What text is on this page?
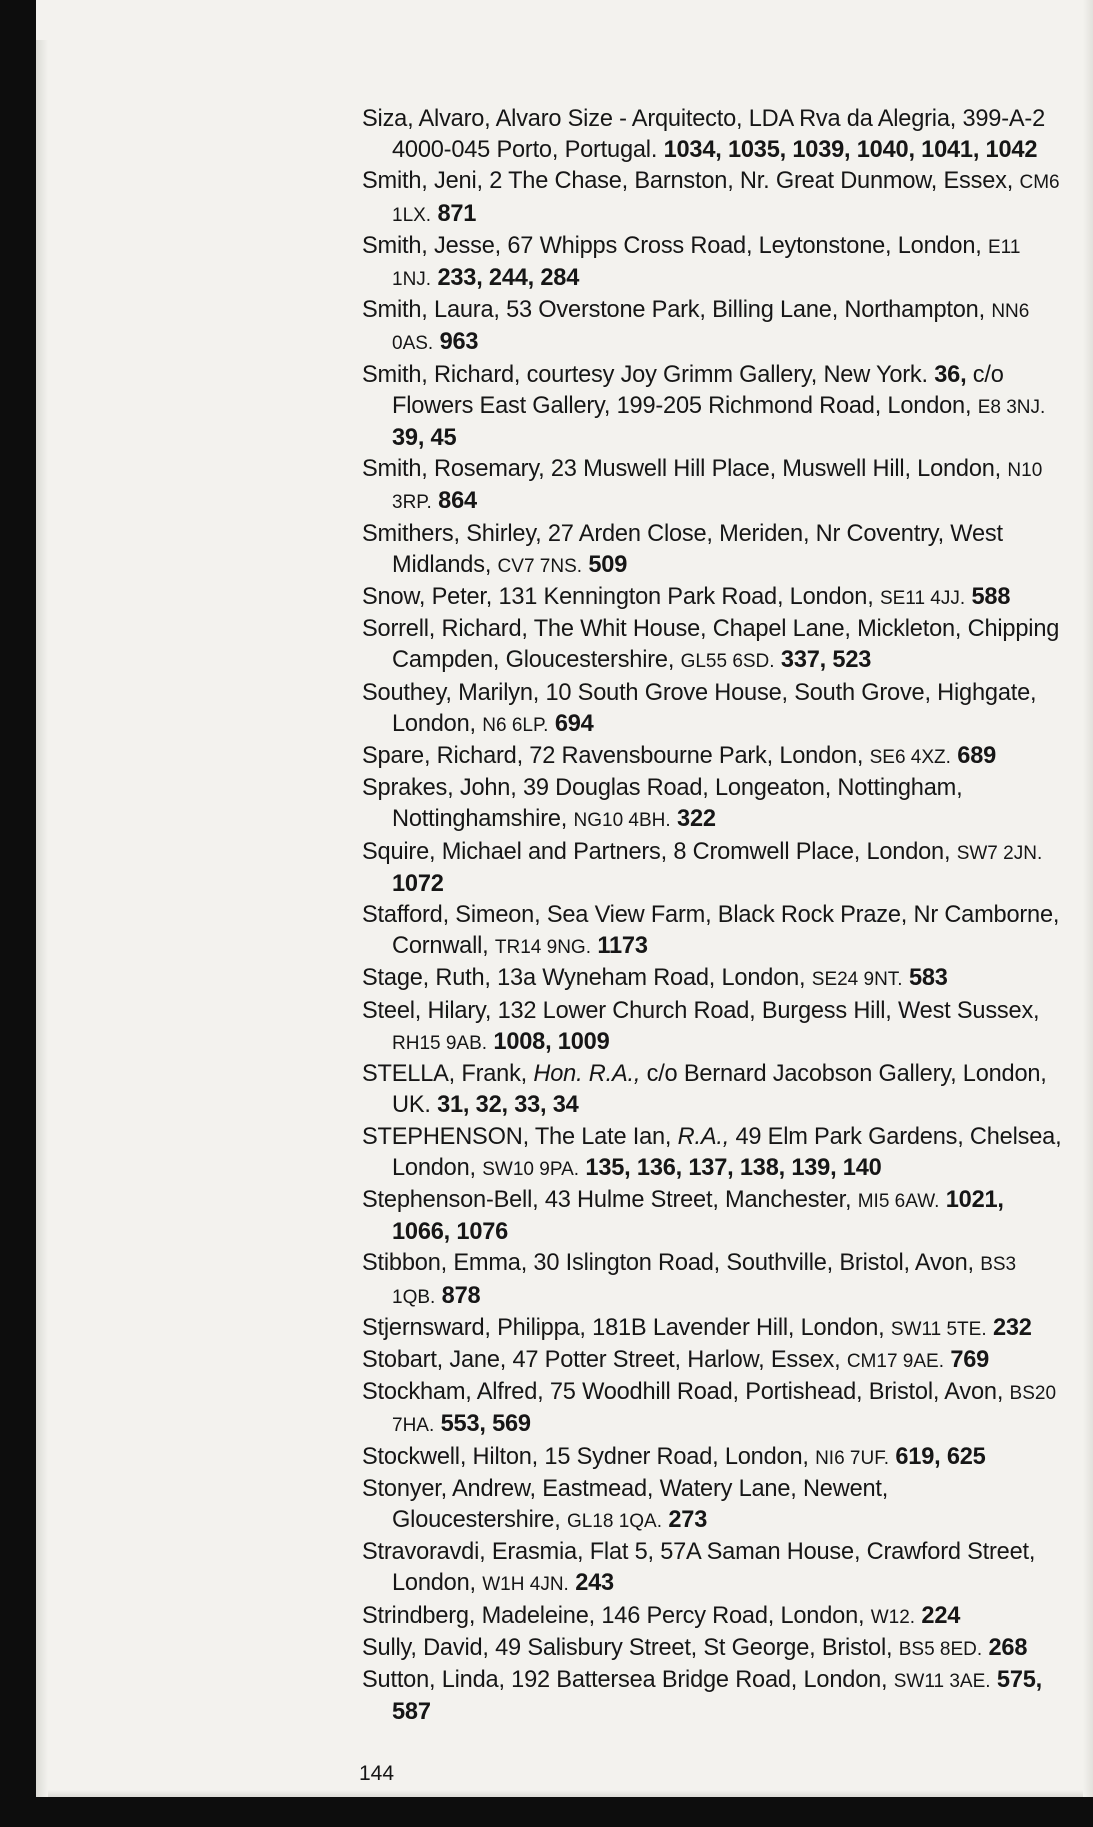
Siza, Alvaro, Alvaro Size - Arquitecto, LDA Rva da Alegria, 399-A-2 4000-045 Porto, Portugal. 1034, 1035, 1039, 1040, 1041, 1042
Smith, Jeni, 2 The Chase, Barnston, Nr. Great Dunmow, Essex, CM6 1LX. 871
Smith, Jesse, 67 Whipps Cross Road, Leytonstone, London, E11 1NJ. 233, 244, 284
Smith, Laura, 53 Overstone Park, Billing Lane, Northampton, NN6 0AS. 963
Smith, Richard, courtesy Joy Grimm Gallery, New York. 36, c/o Flowers East Gallery, 199-205 Richmond Road, London, E8 3NJ. 39, 45
Smith, Rosemary, 23 Muswell Hill Place, Muswell Hill, London, N10 3RP. 864
Smithers, Shirley, 27 Arden Close, Meriden, Nr Coventry, West Midlands, CV7 7NS. 509
Snow, Peter, 131 Kennington Park Road, London, SE11 4JJ. 588
Sorrell, Richard, The Whit House, Chapel Lane, Mickleton, Chipping Campden, Gloucestershire, GL55 6SD. 337, 523
Southey, Marilyn, 10 South Grove House, South Grove, Highgate, London, N6 6LP. 694
Spare, Richard, 72 Ravensbourne Park, London, SE6 4XZ. 689
Sprakes, John, 39 Douglas Road, Longeaton, Nottingham, Nottinghamshire, NG10 4BH. 322
Squire, Michael and Partners, 8 Cromwell Place, London, SW7 2JN. 1072
Stafford, Simeon, Sea View Farm, Black Rock Praze, Nr Camborne, Cornwall, TR14 9NG. 1173
Stage, Ruth, 13a Wyneham Road, London, SE24 9NT. 583
Steel, Hilary, 132 Lower Church Road, Burgess Hill, West Sussex, RH15 9AB. 1008, 1009
STELLA, Frank, Hon. R.A., c/o Bernard Jacobson Gallery, London, UK. 31, 32, 33, 34
STEPHENSON, The Late Ian, R.A., 49 Elm Park Gardens, Chelsea, London, SW10 9PA. 135, 136, 137, 138, 139, 140
Stephenson-Bell, 43 Hulme Street, Manchester, MI5 6AW. 1021, 1066, 1076
Stibbon, Emma, 30 Islington Road, Southville, Bristol, Avon, BS3 1QB. 878
Stjernsward, Philippa, 181B Lavender Hill, London, SW11 5TE. 232
Stobart, Jane, 47 Potter Street, Harlow, Essex, CM17 9AE. 769
Stockham, Alfred, 75 Woodhill Road, Portishead, Bristol, Avon, BS20 7HA. 553, 569
Stockwell, Hilton, 15 Sydner Road, London, NI6 7UF. 619, 625
Stonyer, Andrew, Eastmead, Watery Lane, Newent, Gloucestershire, GL18 1QA. 273
Stravoravdi, Erasmia, Flat 5, 57A Saman House, Crawford Street, London, W1H 4JN. 243
Strindberg, Madeleine, 146 Percy Road, London, W12. 224
Sully, David, 49 Salisbury Street, St George, Bristol, BS5 8ED. 268
Sutton, Linda, 192 Battersea Bridge Road, London, SW11 3AE. 575, 587
144
